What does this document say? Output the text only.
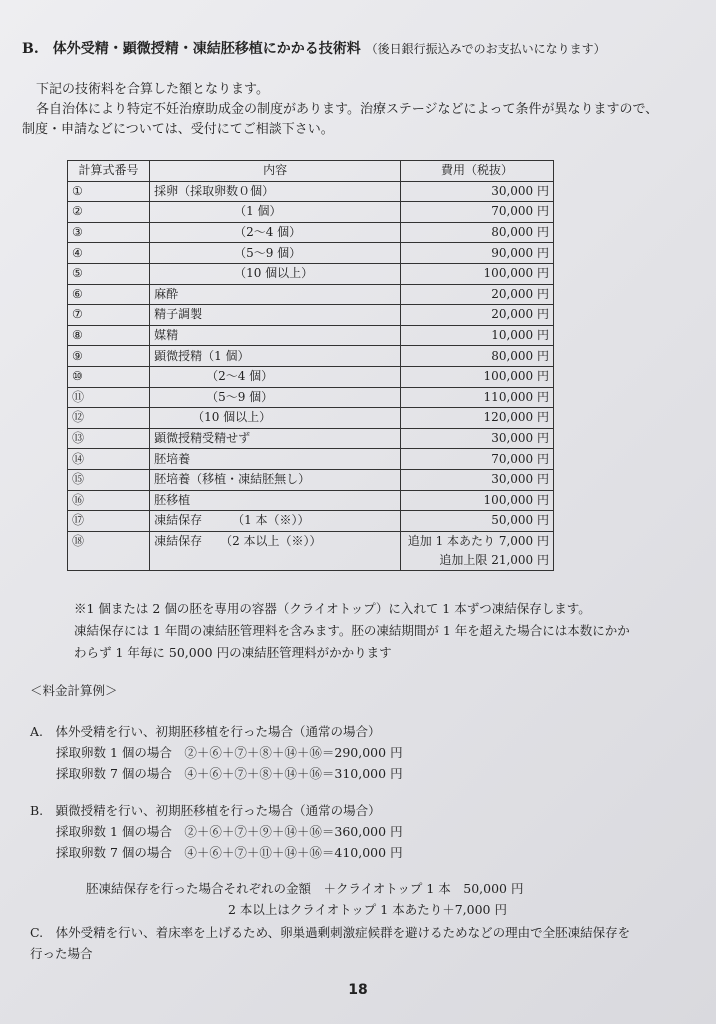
B.　体外受精・顕微授精・凍結胚移植にかかる技術料 （後日銀行振込みでのお支払いになります）

下記の技術料を合算した額となります。

各自治体により特定不妊治療助成金の制度があります。治療ステージなどによって条件が異なりますので、

制度・申請などについては、受付にてご相談下さい。

計算式番号	内容	費用（税抜）
①	採卵（採取卵数０個）	30,000 円
②	（1 個）	70,000 円
③	（2〜4 個）	80,000 円
④	（5〜9 個）	90,000 円
⑤	（10 個以上）	100,000 円
⑥	麻酔	20,000 円
⑦	精子調製	20,000 円
⑧	媒精	10,000 円
⑨	顕微授精（1 個）	80,000 円
⑩	（2〜4 個）	100,000 円
⑪	（5〜9 個）	110,000 円
⑫	（10 個以上）	120,000 円
⑬	顕微授精受精せず	30,000 円
⑭	胚培養	70,000 円
⑮	胚培養（移植・凍結胚無し）	30,000 円
⑯	胚移植	100,000 円
⑰	凍結保存　　　（1 本（※））	50,000 円
⑱	凍結保存　　（2 本以上（※））	追加 1 本あたり 7,000 円
追加上限 21,000 円

※1 個または 2 個の胚を専用の容器（クライオトップ）に入れて 1 本ずつ凍結保存します。

凍結保存には 1 年間の凍結胚管理料を含みます。胚の凍結期間が 1 年を超えた場合には本数にかか

わらず 1 年毎に 50,000 円の凍結胚管理料がかかります

＜料金計算例＞

A.　体外受精を行い、初期胚移植を行った場合（通常の場合）

採取卵数 1 個の場合　②＋⑥＋⑦＋⑧＋⑭＋⑯＝290,000 円

採取卵数 7 個の場合　④＋⑥＋⑦＋⑧＋⑭＋⑯＝310,000 円

B.　顕微授精を行い、初期胚移植を行った場合（通常の場合）

採取卵数 1 個の場合　②＋⑥＋⑦＋⑨＋⑭＋⑯＝360,000 円

採取卵数 7 個の場合　④＋⑥＋⑦＋⑪＋⑭＋⑯＝410,000 円

胚凍結保存を行った場合それぞれの金額　＋クライオトップ 1 本　50,000 円

2 本以上はクライオトップ 1 本あたり＋7,000 円

C.　体外受精を行い、着床率を上げるため、卵巣過剰刺激症候群を避けるためなどの理由で全胚凍結保存を

行った場合

18
